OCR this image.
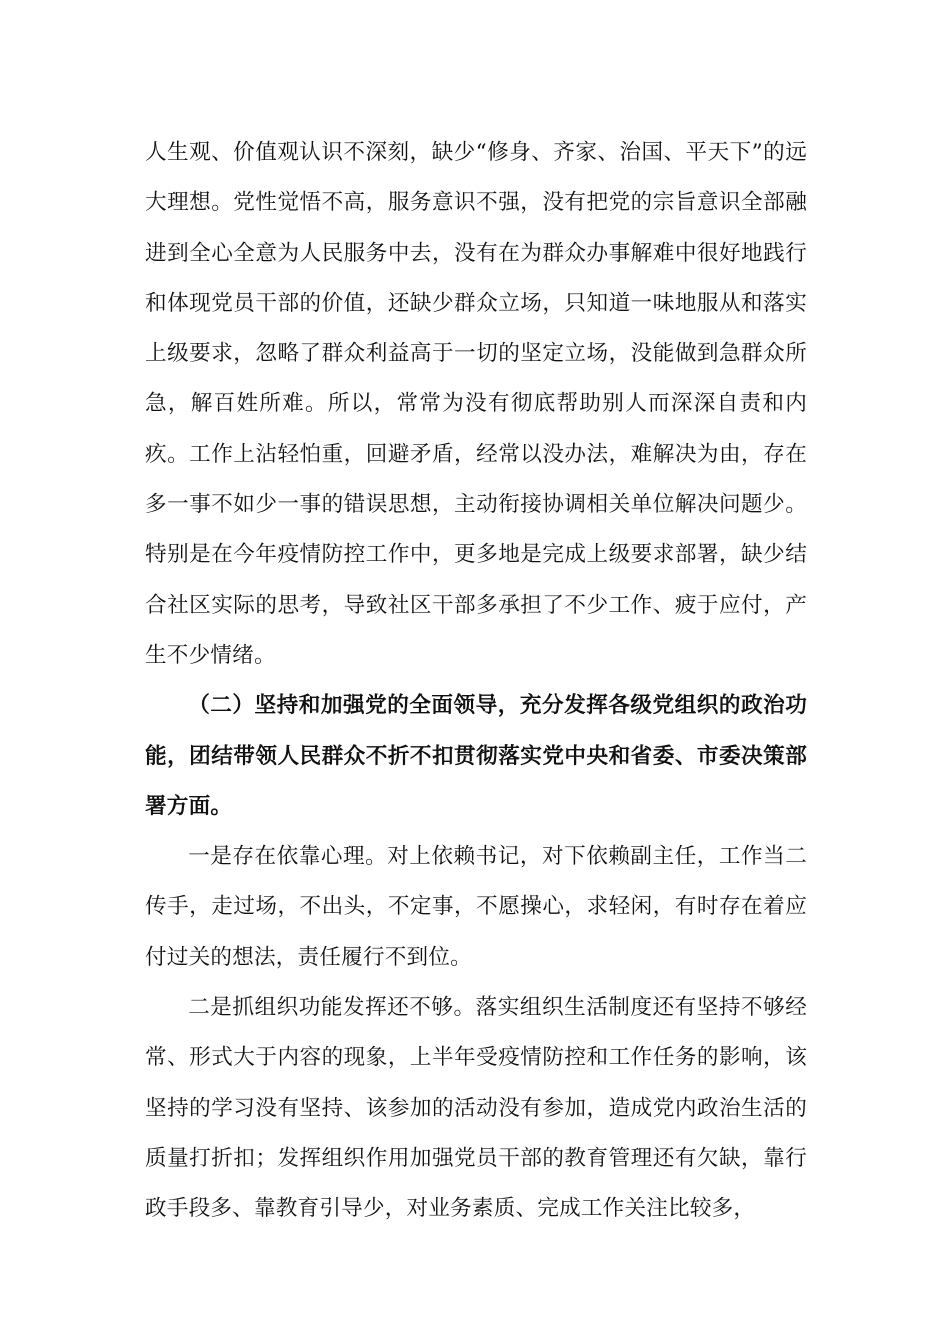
人生观、价值观认识不深刻，缺少“修身、齐家、治国、平天下”的远大理想。党性觉悟不高，服务意识不强，没有把党的宗旨意识全部融进到全心全意为人民服务中去，没有在为群众办事解难中很好地践行和体现党员干部的价值，还缺少群众立场，只知道一味地服从和落实上级要求，忽略了群众利益高于一切的坚定立场，没能做到急群众所急，解百姓所难。所以，常常为没有彻底帮助别人而深深自责和内疚。工作上沾轻怕重，回避矛盾，经常以没办法，难解决为由，存在多一事不如少一事的错误思想，主动衔接协调相关单位解决问题少。特别是在今年疫情防控工作中，更多地是完成上级要求部署，缺少结合社区实际的思考，导致社区干部多承担了不少工作、疲于应付，产生不少情绪。

（二）坚持和加强党的全面领导，充分发挥各级党组织的政治功能，团结带领人民群众不折不扣贯彻落实党中央和省委、市委决策部署方面。

一是存在依靠心理。对上依赖书记，对下依赖副主任，工作当二传手，走过场，不出头，不定事，不愿操心，求轻闲，有时存在着应付过关的想法，责任履行不到位。

二是抓组织功能发挥还不够。落实组织生活制度还有坚持不够经常、形式大于内容的现象，上半年受疫情防控和工作任务的影响，该坚持的学习没有坚持、该参加的活动没有参加，造成党内政治生活的质量打折扣；发挥组织作用加强党员干部的教育管理还有欠缺，靠行政手段多、靠教育引导少，对业务素质、完成工作关注比较多，
